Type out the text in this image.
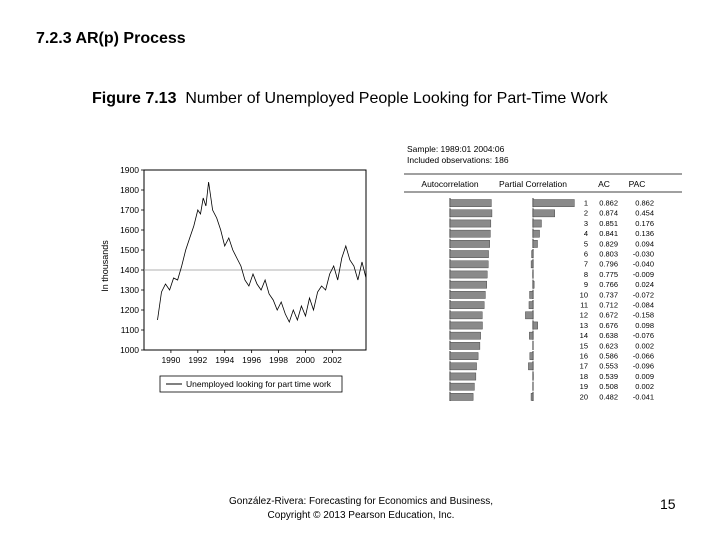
7.2.3 AR(p) Process
Figure 7.13 Number of Unemployed People Looking for Part-Time Work
1000
1100
1200
1300
1400
1500
1600
1700
1800
1900
1990 1992 1994 1996 1998 2000 2002
In thousands
Unemployed looking for part time work
Sample: 1989:01 2004:06
Included observations: 186
Autocorrelation Partial Correlation	AC PAC
1 0.862 0.862
2 0.874 0.454
3 0.851 0.176
4 0.841 0.136
5 0.829 0.094
6 0.803 -0.030
7 0.796 -0.040
8 0.775 -0.009
9 0.766 0.024
10 0.737 -0.072
11 0.712 -0.084
12 0.672 -0.158
13 0.676 0.098
14 0.638 -0.076
15 0.623 0.002
16 0.586 -0.066
17 0.553 -0.096
18 0.539 0.009
19 0.508 0.002
20 0.482 -0.041
González-Rivera: Forecasting for Economics and Business,
Copyright © 2013 Pearson Education, Inc.
15
